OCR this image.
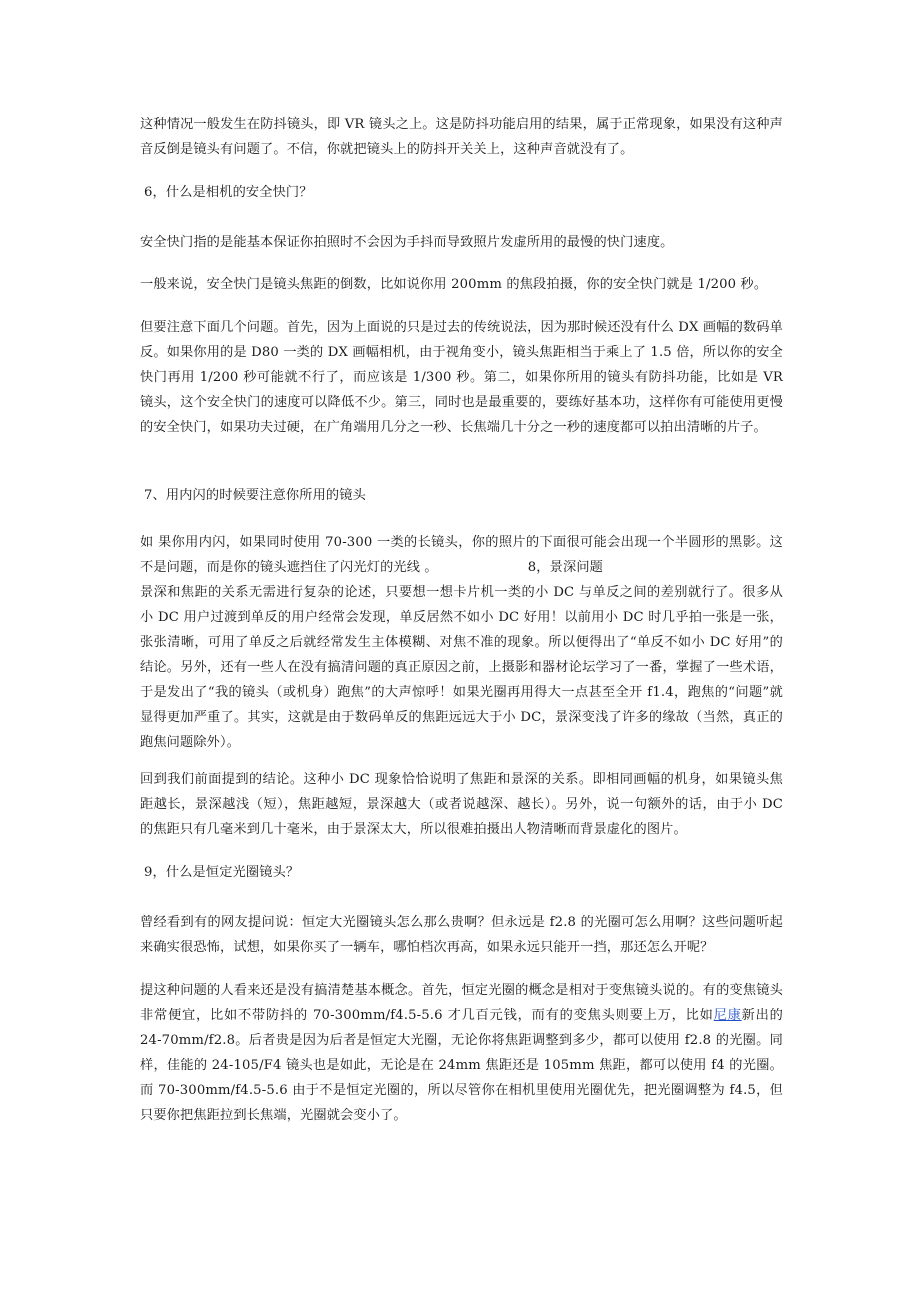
这种情况一般发生在防抖镜头，即 VR 镜头之上。这是防抖功能启用的结果，属于正常现象，如果没有这种声音反倒是镜头有问题了。不信，你就把镜头上的防抖开关关上，这种声音就没有了。

6，什么是相机的安全快门？

安全快门指的是能基本保证你拍照时不会因为手抖而导致照片发虚所用的最慢的快门速度。

一般来说，安全快门是镜头焦距的倒数，比如说你用 200mm 的焦段拍摄，你的安全快门就是 1/200 秒。

但要注意下面几个问题。首先，因为上面说的只是过去的传统说法，因为那时候还没有什么 DX 画幅的数码单反。如果你用的是 D80 一类的 DX 画幅相机，由于视角变小，镜头焦距相当于乘上了 1.5 倍，所以你的安全快门再用 1/200 秒可能就不行了，而应该是 1/300 秒。第二，如果你所用的镜头有防抖功能，比如是 VR 镜头，这个安全快门的速度可以降低不少。第三，同时也是最重要的，要练好基本功，这样你有可能使用更慢的安全快门，如果功夫过硬，在广角端用几分之一秒、长焦端几十分之一秒的速度都可以拍出清晰的片子。

7、用内闪的时候要注意你所用的镜头

如 果你用内闪，如果同时使用 70-300 一类的长镜头，你的照片的下面很可能会出现一个半圆形的黑影。这不是问题，而是你的镜头遮挡住了闪光灯的光线 。	8，景深问题

景深和焦距的关系无需进行复杂的论述，只要想一想卡片机一类的小 DC 与单反之间的差别就行了。很多从小 DC 用户过渡到单反的用户经常会发现，单反居然不如小 DC 好用！以前用小 DC 时几乎拍一张是一张，张张清晰，可用了单反之后就经常发生主体模糊、对焦不准的现象。所以便得出了“单反不如小 DC 好用”的结论。另外，还有一些人在没有搞清问题的真正原因之前，上摄影和器材论坛学习了一番，掌握了一些术语，于是发出了“我的镜头（或机身）跑焦”的大声惊呼！如果光圈再用得大一点甚至全开 f1.4，跑焦的“问题”就显得更加严重了。其实，这就是由于数码单反的焦距远远大于小 DC，景深变浅了许多的缘故（当然，真正的跑焦问题除外）。

回到我们前面提到的结论。这种小 DC 现象恰恰说明了焦距和景深的关系。即相同画幅的机身，如果镜头焦距越长，景深越浅（短），焦距越短，景深越大（或者说越深、越长）。另外，说一句额外的话，由于小 DC 的焦距只有几毫米到几十毫米，由于景深太大，所以很难拍摄出人物清晰而背景虚化的图片。

9，什么是恒定光圈镜头？

曾经看到有的网友提问说：恒定大光圈镜头怎么那么贵啊？但永远是 f2.8 的光圈可怎么用啊？这些问题听起来确实很恐怖，试想，如果你买了一辆车，哪怕档次再高，如果永远只能开一挡，那还怎么开呢？

提这种问题的人看来还是没有搞清楚基本概念。首先，恒定光圈的概念是相对于变焦镜头说的。有的变焦镜头非常便宜，比如不带防抖的 70-300mm/f4.5-5.6 才几百元钱，而有的变焦头则要上万，比如尼康新出的 24-70mm/f2.8。后者贵是因为后者是恒定大光圈，无论你将焦距调整到多少，都可以使用 f2.8 的光圈。同样，佳能的 24-105/F4 镜头也是如此，无论是在 24mm 焦距还是 105mm 焦距，都可以使用 f4 的光圈。而 70-300mm/f4.5-5.6 由于不是恒定光圈的，所以尽管你在相机里使用光圈优先，把光圈调整为 f4.5，但只要你把焦距拉到长焦端，光圈就会变小了。
